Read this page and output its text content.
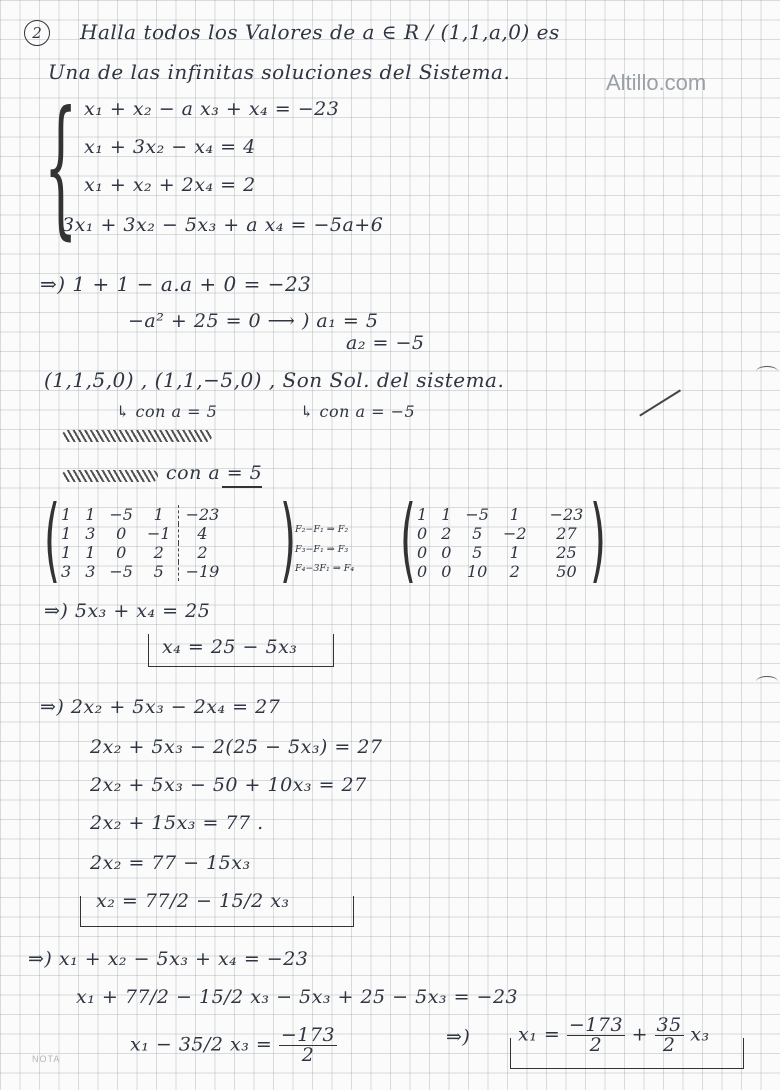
Altillo.com
2	Halla todos los Valores de a ∈ R / (1,1,a,0) es
Una de las infinitas soluciones del Sistema.
{ x₁ + x₂ − a x₃ + x₄ = −23
x₁ + 3x₂ − x₄ = 4
x₁ + x₂ + 2x₄ = 2
3x₁ + 3x₂ − 5x₃ + a x₄ = −5a+6
⇒) 1 + 1 − a.a + 0 = −23
−a² + 25 = 0 ⟶ ) a₁ = 5
a₂ = −5
(1,1,5,0) , (1,1,−5,0) , Son Sol. del sistema.
↳ con a = 5	↳ con a = −5
con a = 5
( 1	1	−5	1	−23
1	3	0	−1	4
1	1	0	2	2
3	3	−5	5	−19 )
F₂−F₁ ⇒ F₂
F₃−F₁ ⇒ F₃
F₄−3F₁ ⇒ F₄ ( 1	1	−5	1	−23
0	2	5	−2	27
0	0	5	1	25
0	0	10	2	50 )
⇒) 5x₃ + x₄ = 25
x₄ = 25 − 5x₃
⇒) 2x₂ + 5x₃ − 2x₄ = 27
2x₂ + 5x₃ − 2(25 − 5x₃) = 27
2x₂ + 5x₃ − 50 + 10x₃ = 27
2x₂ + 15x₃ = 77 .
2x₂ = 77 − 15x₃
x₂ = 77/2 − 15/2 x₃
⇒) x₁ + x₂ − 5x₃ + x₄ = −23
x₁ + 77/2 − 15/2 x₃ − 5x₃ + 25 − 5x₃ = −23
x₁ − 35/2 $x_3 = \frac{-173}{2}$	⇒)	$x_1 = \frac{-173}{2} + \frac{35}{2} x_3$
NOTA
